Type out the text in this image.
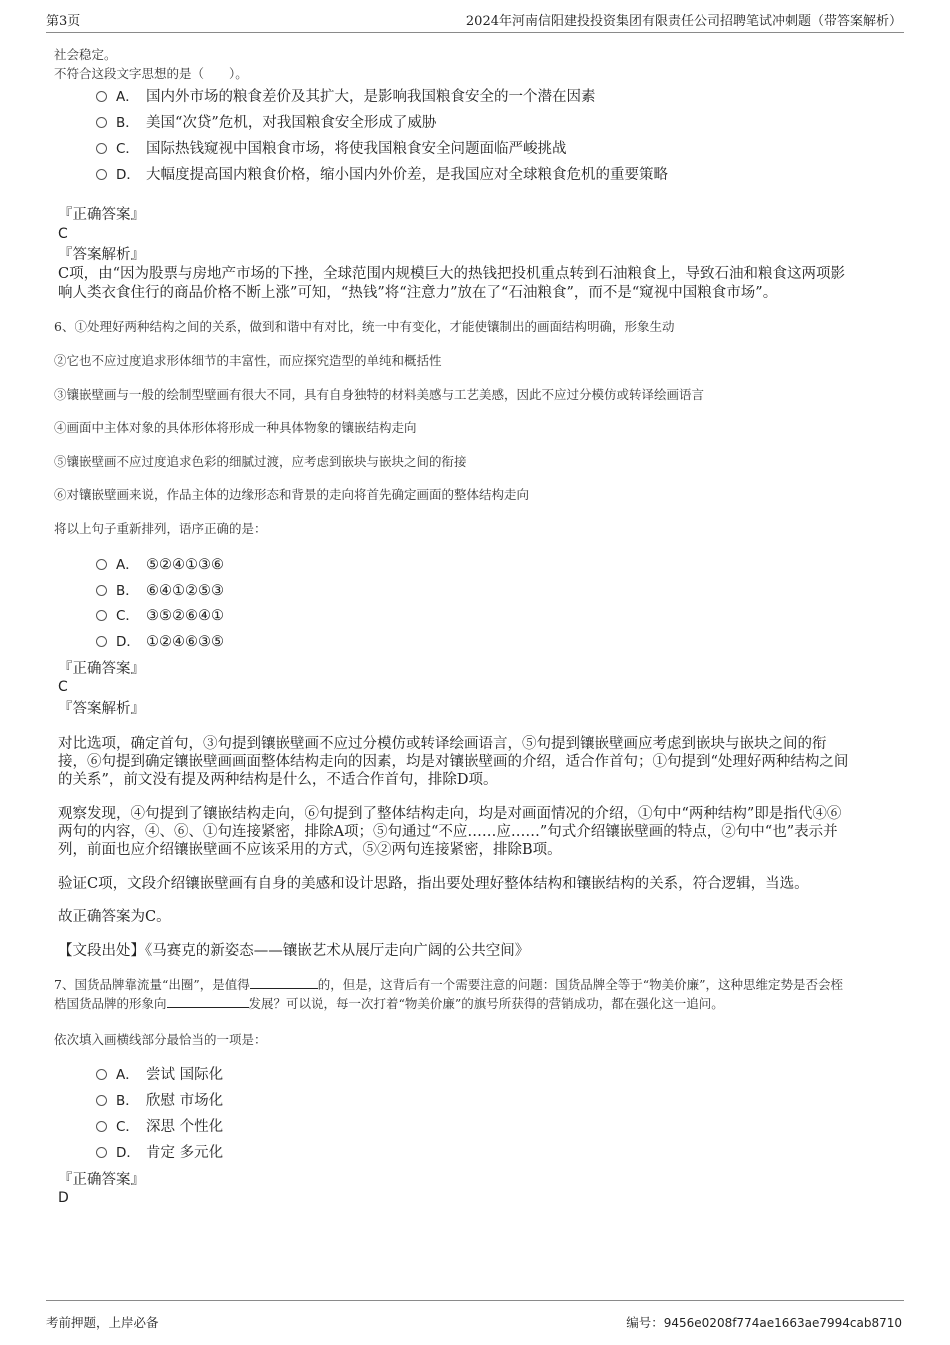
第3页	2024年河南信阳建投投资集团有限责任公司招聘笔试冲刺题（带答案解析）
社会稳定。
不符合这段文字思想的是（　　）。
A． 国内外市场的粮食差价及其扩大，是影响我国粮食安全的一个潜在因素
B． 美国“次贷”危机，对我国粮食安全形成了威胁
C． 国际热钱窥视中国粮食市场，将使我国粮食安全问题面临严峻挑战
D． 大幅度提高国内粮食价格，缩小国内外价差，是我国应对全球粮食危机的重要策略
『正确答案』
C
『答案解析』
C项，由“因为股票与房地产市场的下挫，全球范围内规模巨大的热钱把投机重点转到石油粮食上，导致石油和粮食这两项影
响人类衣食住行的商品价格不断上涨”可知，“热钱”将“注意力”放在了“石油粮食”，而不是“窥视中国粮食市场”。
6、①处理好两种结构之间的关系，做到和谐中有对比，统一中有变化，才能使镶制出的画面结构明确，形象生动
②它也不应过度追求形体细节的丰富性，而应探究造型的单纯和概括性
③镶嵌壁画与一般的绘制型壁画有很大不同，具有自身独特的材料美感与工艺美感，因此不应过分模仿或转译绘画语言
④画面中主体对象的具体形体将形成一种具体物象的镶嵌结构走向
⑤镶嵌壁画不应过度追求色彩的细腻过渡，应考虑到嵌块与嵌块之间的衔接
⑥对镶嵌壁画来说，作品主体的边缘形态和背景的走向将首先确定画面的整体结构走向
将以上句子重新排列，语序正确的是：
A． ⑤②④①③⑥
B． ⑥④①②⑤③
C． ③⑤②⑥④①
D． ①②④⑥③⑤
『正确答案』
C
『答案解析』
对比选项，确定首句，③句提到镶嵌壁画不应过分模仿或转译绘画语言，⑤句提到镶嵌壁画应考虑到嵌块与嵌块之间的衔
接，⑥句提到确定镶嵌壁画画面整体结构走向的因素，均是对镶嵌壁画的介绍，适合作首句；①句提到“处理好两种结构之间
的关系”，前文没有提及两种结构是什么，不适合作首句，排除D项。
观察发现，④句提到了镶嵌结构走向，⑥句提到了整体结构走向，均是对画面情况的介绍，①句中“两种结构”即是指代④⑥
两句的内容，④、⑥、①句连接紧密，排除A项；⑤句通过“不应……应……”句式介绍镶嵌壁画的特点，②句中“也”表示并
列，前面也应介绍镶嵌壁画不应该采用的方式，⑤②两句连接紧密，排除B项。
验证C项，文段介绍镶嵌壁画有自身的美感和设计思路，指出要处理好整体结构和镶嵌结构的关系，符合逻辑，当选。
故正确答案为C。
【文段出处】《马赛克的新姿态——镶嵌艺术从展厅走向广阔的公共空间》
7、国货品牌靠流量“出圈”，是值得	的，但是，这背后有一个需要注意的问题：国货品牌全等于“物美价廉”，这种思维定势是否会桎
梏国货品牌的形象向	发展？可以说，每一次打着“物美价廉”的旗号所获得的营销成功，都在强化这一追问。
依次填入画横线部分最恰当的一项是：
A． 尝试 国际化
B． 欣慰 市场化
C． 深思 个性化
D． 肯定 多元化
『正确答案』
D
考前押题，上岸必备	编号：9456e0208f774ae1663ae7994cab8710
